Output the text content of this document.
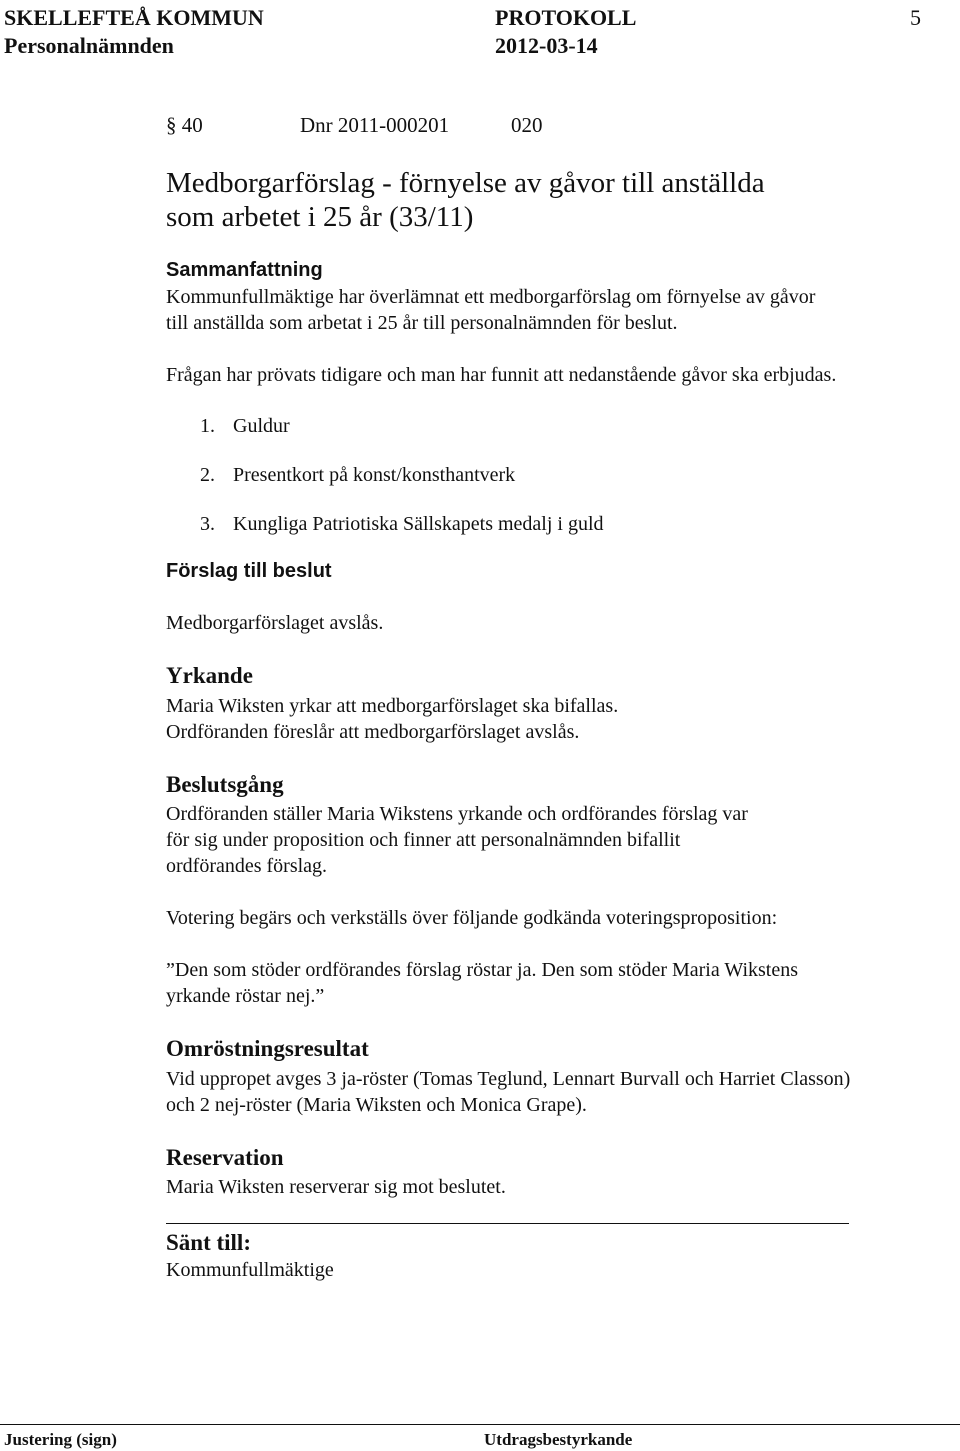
SKELLEFTEÅ KOMMUN	PROTOKOLL	5
Personalnämnden	2012-03-14
§ 40	Dnr 2011-000201	020
Medborgarförslag - förnyelse av gåvor till anställda
som arbetet i 25 år (33/11)
Sammanfattning
Kommunfullmäktige har överlämnat ett medborgarförslag om förnyelse av gåvor
till anställda som arbetat i 25 år till personalnämnden för beslut.
Frågan har prövats tidigare och man har funnit att nedanstående gåvor ska erbjudas.
1. Guldur
2. Presentkort på konst/konsthantverk
3. Kungliga Patriotiska Sällskapets medalj i guld
Förslag till beslut
Medborgarförslaget avslås.
Yrkande
Maria Wiksten yrkar att medborgarförslaget ska bifallas.
Ordföranden föreslår att medborgarförslaget avslås.
Beslutsgång
Ordföranden ställer Maria Wikstens yrkande och ordförandes förslag var
för sig under proposition och finner att personalnämnden bifallit
ordförandes förslag.
Votering begärs och verkställs över följande godkända voteringsproposition:
”Den som stöder ordförandes förslag röstar ja. Den som stöder Maria Wikstens
yrkande röstar nej.”
Omröstningsresultat
Vid uppropet avges 3 ja-röster (Tomas Teglund, Lennart Burvall och Harriet Classon)
och 2 nej-röster (Maria Wiksten och Monica Grape).
Reservation
Maria Wiksten reserverar sig mot beslutet.
Sänt till:
Kommunfullmäktige
Justering (sign)	Utdragsbestyrkande
